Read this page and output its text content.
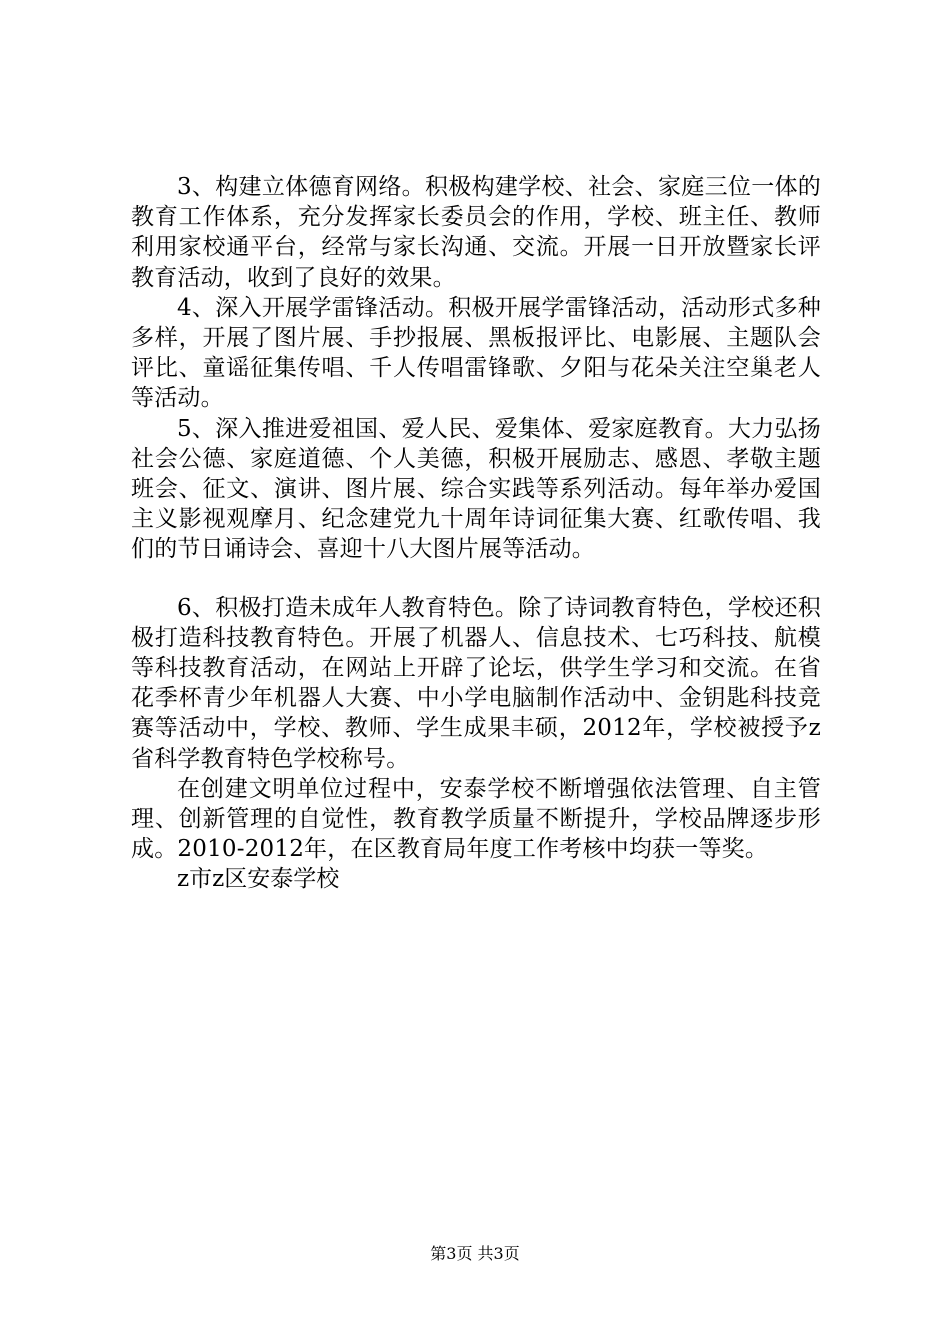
3、构建立体德育网络。积极构建学校、社会、家庭三位一体的教育工作体系，充分发挥家长委员会的作用，学校、班主任、教师利用家校通平台，经常与家长沟通、交流。开展一日开放暨家长评教育活动，收到了良好的效果。

4、深入开展学雷锋活动。积极开展学雷锋活动，活动形式多种多样，开展了图片展、手抄报展、黑板报评比、电影展、主题队会评比、童谣征集传唱、千人传唱雷锋歌、夕阳与花朵关注空巢老人等活动。

5、深入推进爱祖国、爱人民、爱集体、爱家庭教育。大力弘扬社会公德、家庭道德、个人美德，积极开展励志、感恩、孝敬主题班会、征文、演讲、图片展、综合实践等系列活动。每年举办爱国主义影视观摩月、纪念建党九十周年诗词征集大赛、红歌传唱、我们的节日诵诗会、喜迎十八大图片展等活动。

6、积极打造未成年人教育特色。除了诗词教育特色，学校还积极打造科技教育特色。开展了机器人、信息技术、七巧科技、航模等科技教育活动，在网站上开辟了论坛，供学生学习和交流。在省花季杯青少年机器人大赛、中小学电脑制作活动中、金钥匙科技竞赛等活动中，学校、教师、学生成果丰硕，2012年，学校被授予z省科学教育特色学校称号。

在创建文明单位过程中，安泰学校不断增强依法管理、自主管理、创新管理的自觉性，教育教学质量不断提升，学校品牌逐步形成。2010-2012年，在区教育局年度工作考核中均获一等奖。

z市z区安泰学校

第3页 共3页
